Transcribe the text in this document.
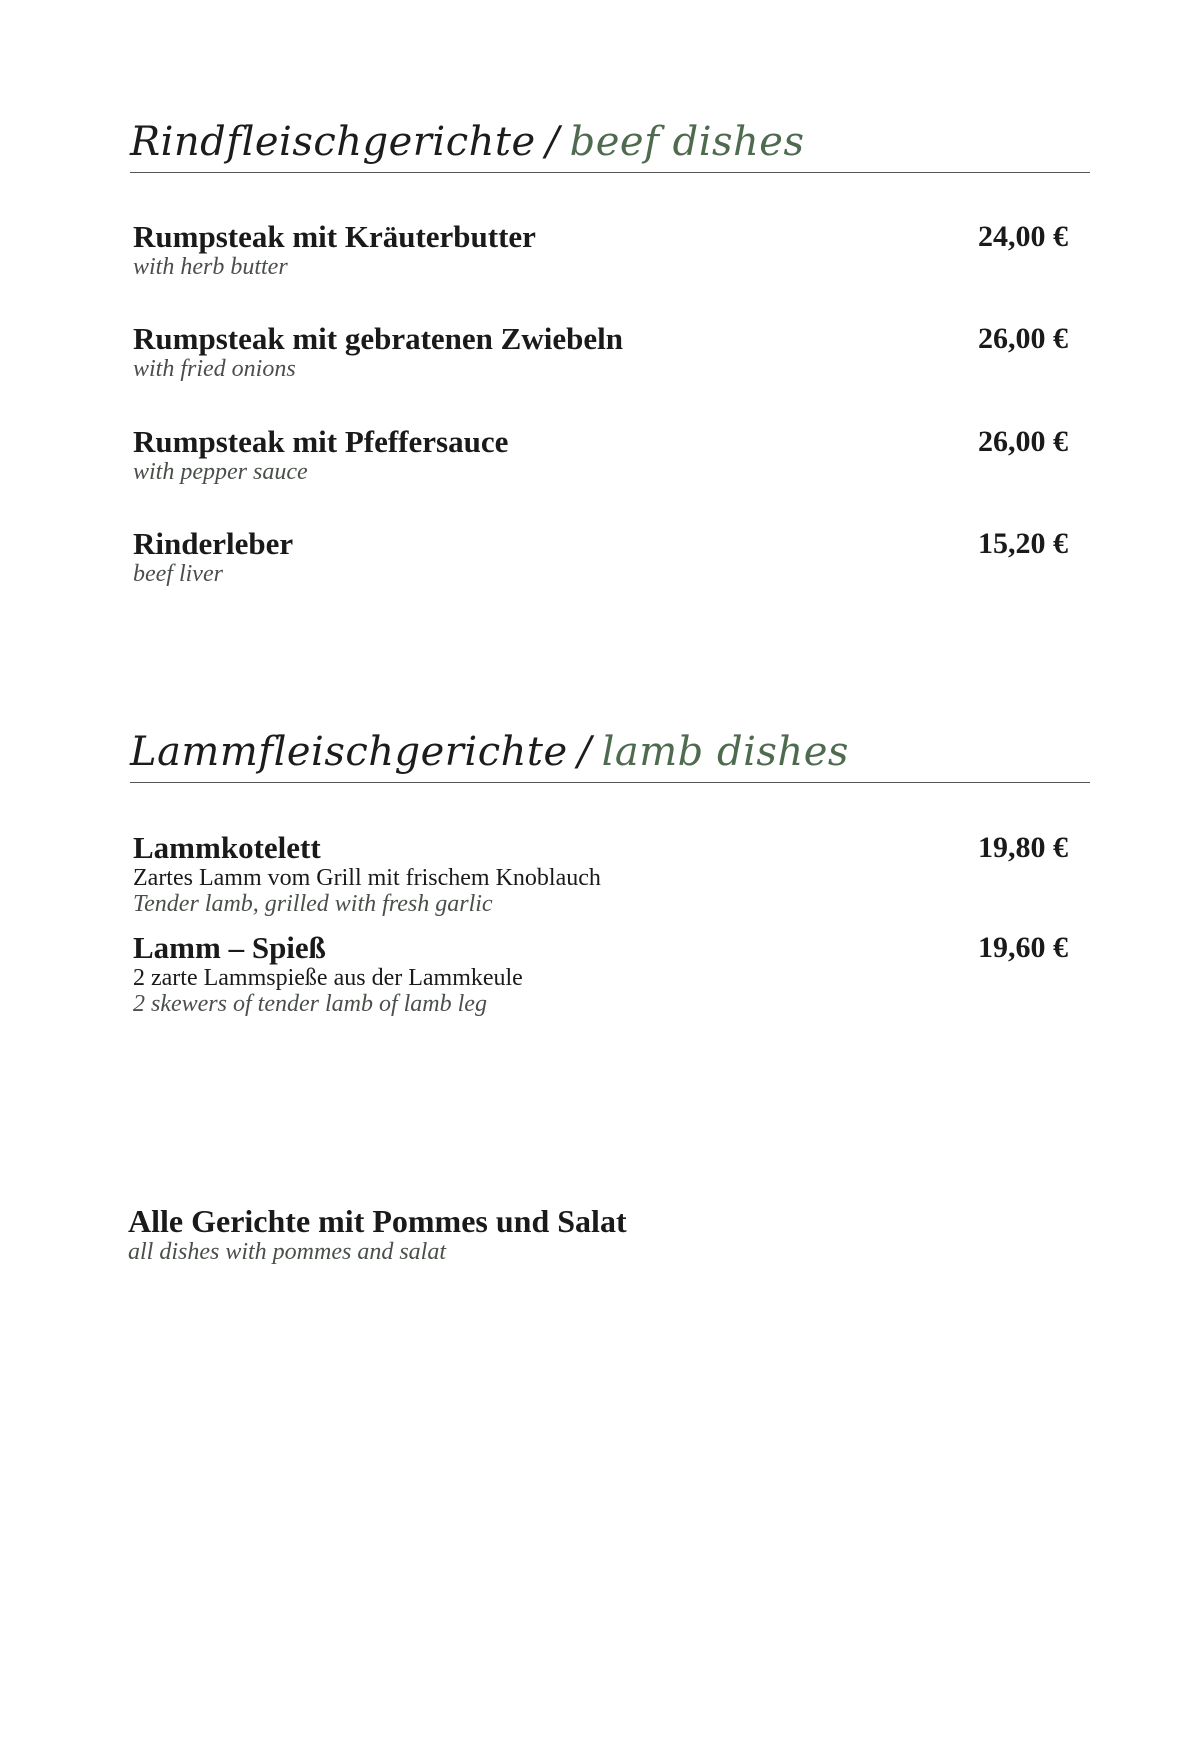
Rindfleischgerichte / beef dishes
Rumpsteak mit Kräuterbutter
with herb butter
24,00 €
Rumpsteak mit gebratenen Zwiebeln
with fried onions
26,00 €
Rumpsteak mit Pfeffersauce
with pepper sauce
26,00 €
Rinderleber
beef liver
15,20 €
Lammfleischgerichte / lamb dishes
Lammkotelett
Zartes Lamm vom Grill mit frischem Knoblauch
Tender lamb, grilled with fresh garlic
19,80 €
Lamm – Spieß
2 zarte Lammspieße aus der Lammkeule
2 skewers of tender lamb of lamb leg
19,60 €
Alle Gerichte mit Pommes und Salat
all dishes with pommes and salat
